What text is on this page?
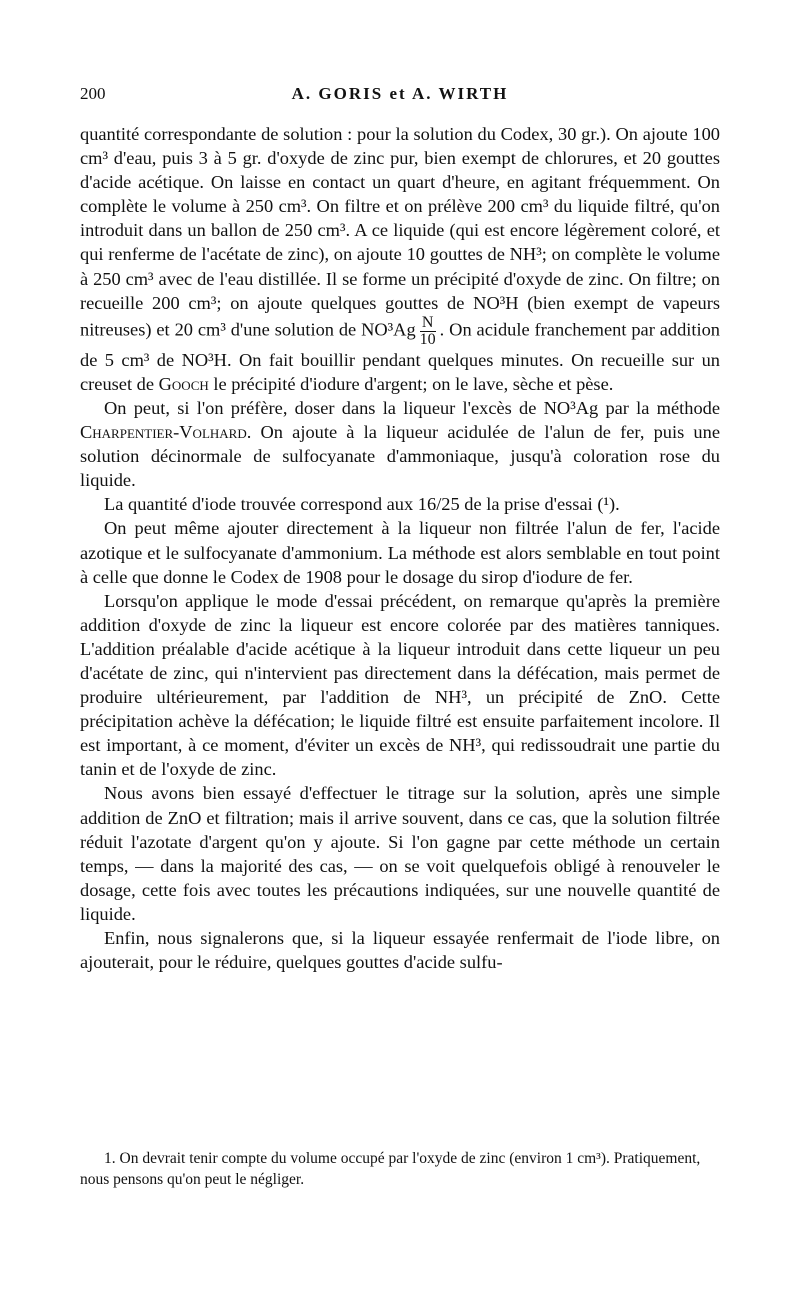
200	A. GORIS et A. WIRTH

quantité correspondante de solution : pour la solution du Codex, 30 gr.). On ajoute 100 cm³ d'eau, puis 3 à 5 gr. d'oxyde de zinc pur, bien exempt de chlorures, et 20 gouttes d'acide acétique. On laisse en contact un quart d'heure, en agitant fréquemment. On complète le volume à 250 cm³. On filtre et on prélève 200 cm³ du liquide filtré, qu'on introduit dans un ballon de 250 cm³. A ce liquide (qui est encore légèrement coloré, et qui renferme de l'acétate de zinc), on ajoute 10 gouttes de NH³; on complète le volume à 250 cm³ avec de l'eau distillée. Il se forme un précipité d'oxyde de zinc. On filtre; on recueille 200 cm³; on ajoute quelques gouttes de NO³H (bien exempt de vapeurs nitreuses) et 20 cm³ d'une solution de $NO^3Ag \frac{N}{10}$ . On acidule franchement par addition de 5 cm³ de NO³H. On fait bouillir pendant quelques minutes. On recueille sur un creuset de Gooch le précipité d'iodure d'argent; on le lave, sèche et pèse.

On peut, si l'on préfère, doser dans la liqueur l'excès de NO³Ag par la méthode Charpentier-Volhard. On ajoute à la liqueur acidulée de l'alun de fer, puis une solution décinormale de sulfocyanate d'ammoniaque, jusqu'à coloration rose du liquide.

La quantité d'iode trouvée correspond aux 16/25 de la prise d'essai (¹).

On peut même ajouter directement à la liqueur non filtrée l'alun de fer, l'acide azotique et le sulfocyanate d'ammonium. La méthode est alors semblable en tout point à celle que donne le Codex de 1908 pour le dosage du sirop d'iodure de fer.

Lorsqu'on applique le mode d'essai précédent, on remarque qu'après la première addition d'oxyde de zinc la liqueur est encore colorée par des matières tanniques. L'addition préalable d'acide acétique à la liqueur introduit dans cette liqueur un peu d'acétate de zinc, qui n'intervient pas directement dans la défécation, mais permet de produire ultérieurement, par l'addition de NH³, un précipité de ZnO. Cette précipitation achève la défécation; le liquide filtré est ensuite parfaitement incolore. Il est important, à ce moment, d'éviter un excès de NH³, qui redissoudrait une partie du tanin et de l'oxyde de zinc.

Nous avons bien essayé d'effectuer le titrage sur la solution, après une simple addition de ZnO et filtration; mais il arrive souvent, dans ce cas, que la solution filtrée réduit l'azotate d'argent qu'on y ajoute. Si l'on gagne par cette méthode un certain temps, — dans la majorité des cas, — on se voit quelquefois obligé à renouveler le dosage, cette fois avec toutes les précautions indiquées, sur une nouvelle quantité de liquide.

Enfin, nous signalerons que, si la liqueur essayée renfermait de l'iode libre, on ajouterait, pour le réduire, quelques gouttes d'acide sulfu-

1. On devrait tenir compte du volume occupé par l'oxyde de zinc (environ 1 cm³). Pratiquement, nous pensons qu'on peut le négliger.
